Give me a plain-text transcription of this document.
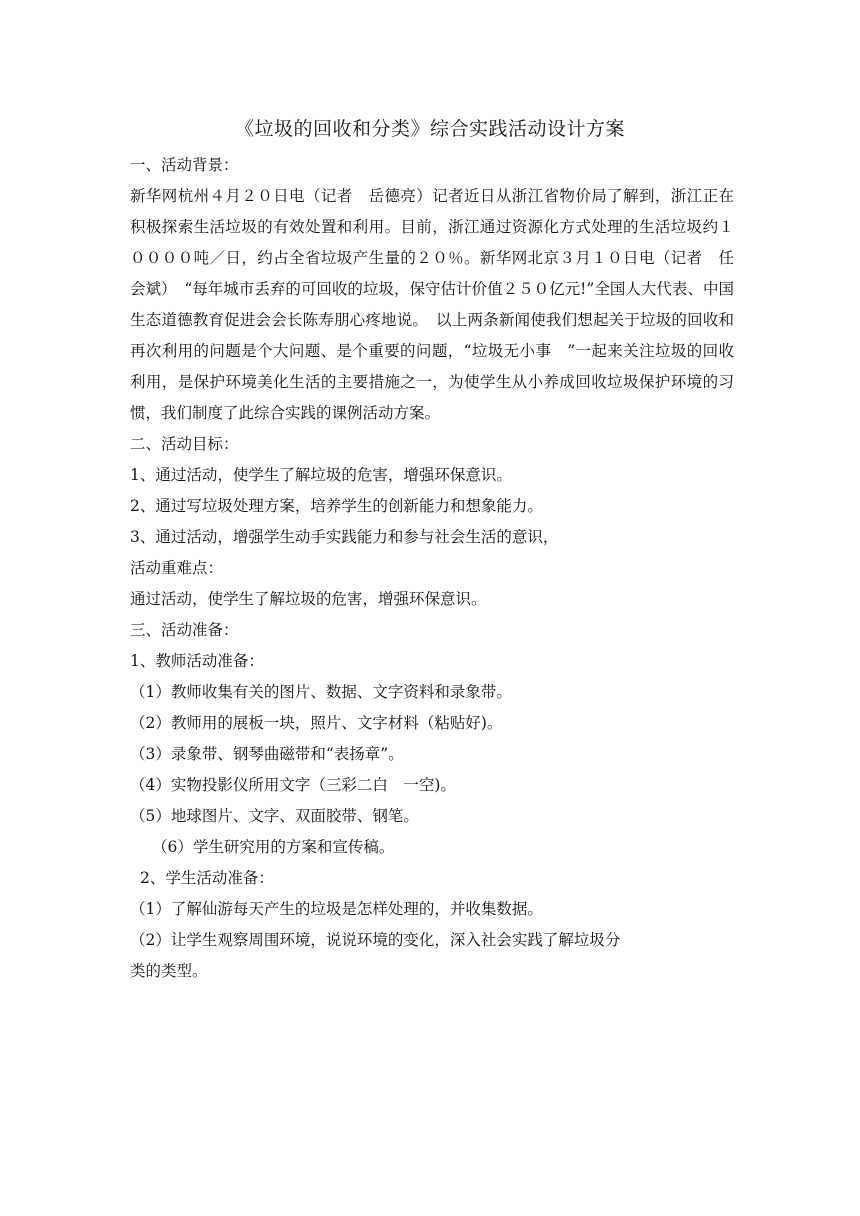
《垃圾的回收和分类》综合实践活动设计方案

一、活动背景：

新华网杭州４月２０日电（记者　岳德亮）记者近日从浙江省物价局了解到，浙江正在积极探索生活垃圾的有效处置和利用。目前，浙江通过资源化方式处理的生活垃圾约１００００吨／日，约占全省垃圾产生量的２０％。新华网北京３月１０日电（记者　任会斌）　“每年城市丢弃的可回收的垃圾，保守估计价值２５０亿元!”全国人大代表、中国生态道德教育促进会会长陈寿朋心疼地说。　以上两条新闻使我们想起关于垃圾的回收和再次利用的问题是个大问题、是个重要的问题，“垃圾无小事　”一起来关注垃圾的回收利用，是保护环境美化生活的主要措施之一，为使学生从小养成回收垃圾保护环境的习惯，我们制度了此综合实践的课例活动方案。

二、活动目标：

1、通过活动，使学生了解垃圾的危害，增强环保意识。

2、通过写垃圾处理方案，培养学生的创新能力和想象能力。

3、通过活动，增强学生动手实践能力和参与社会生活的意识，

活动重难点：

通过活动，使学生了解垃圾的危害，增强环保意识。

三、活动准备：

1、教师活动准备：

（1）教师收集有关的图片、数据、文字资料和录象带。

（2）教师用的展板一块，照片、文字材料（粘贴好)。

（3）录象带、钢琴曲磁带和“表扬章”。

（4）实物投影仪所用文字（三彩二白　一空)。

（5）地球图片、文字、双面胶带、钢笔。

（6）学生研究用的方案和宣传稿。

2、学生活动准备：

（1）了解仙游每天产生的垃圾是怎样处理的，并收集数据。

（2）让学生观察周围环境，说说环境的变化，深入社会实践了解垃圾分

类的类型。
